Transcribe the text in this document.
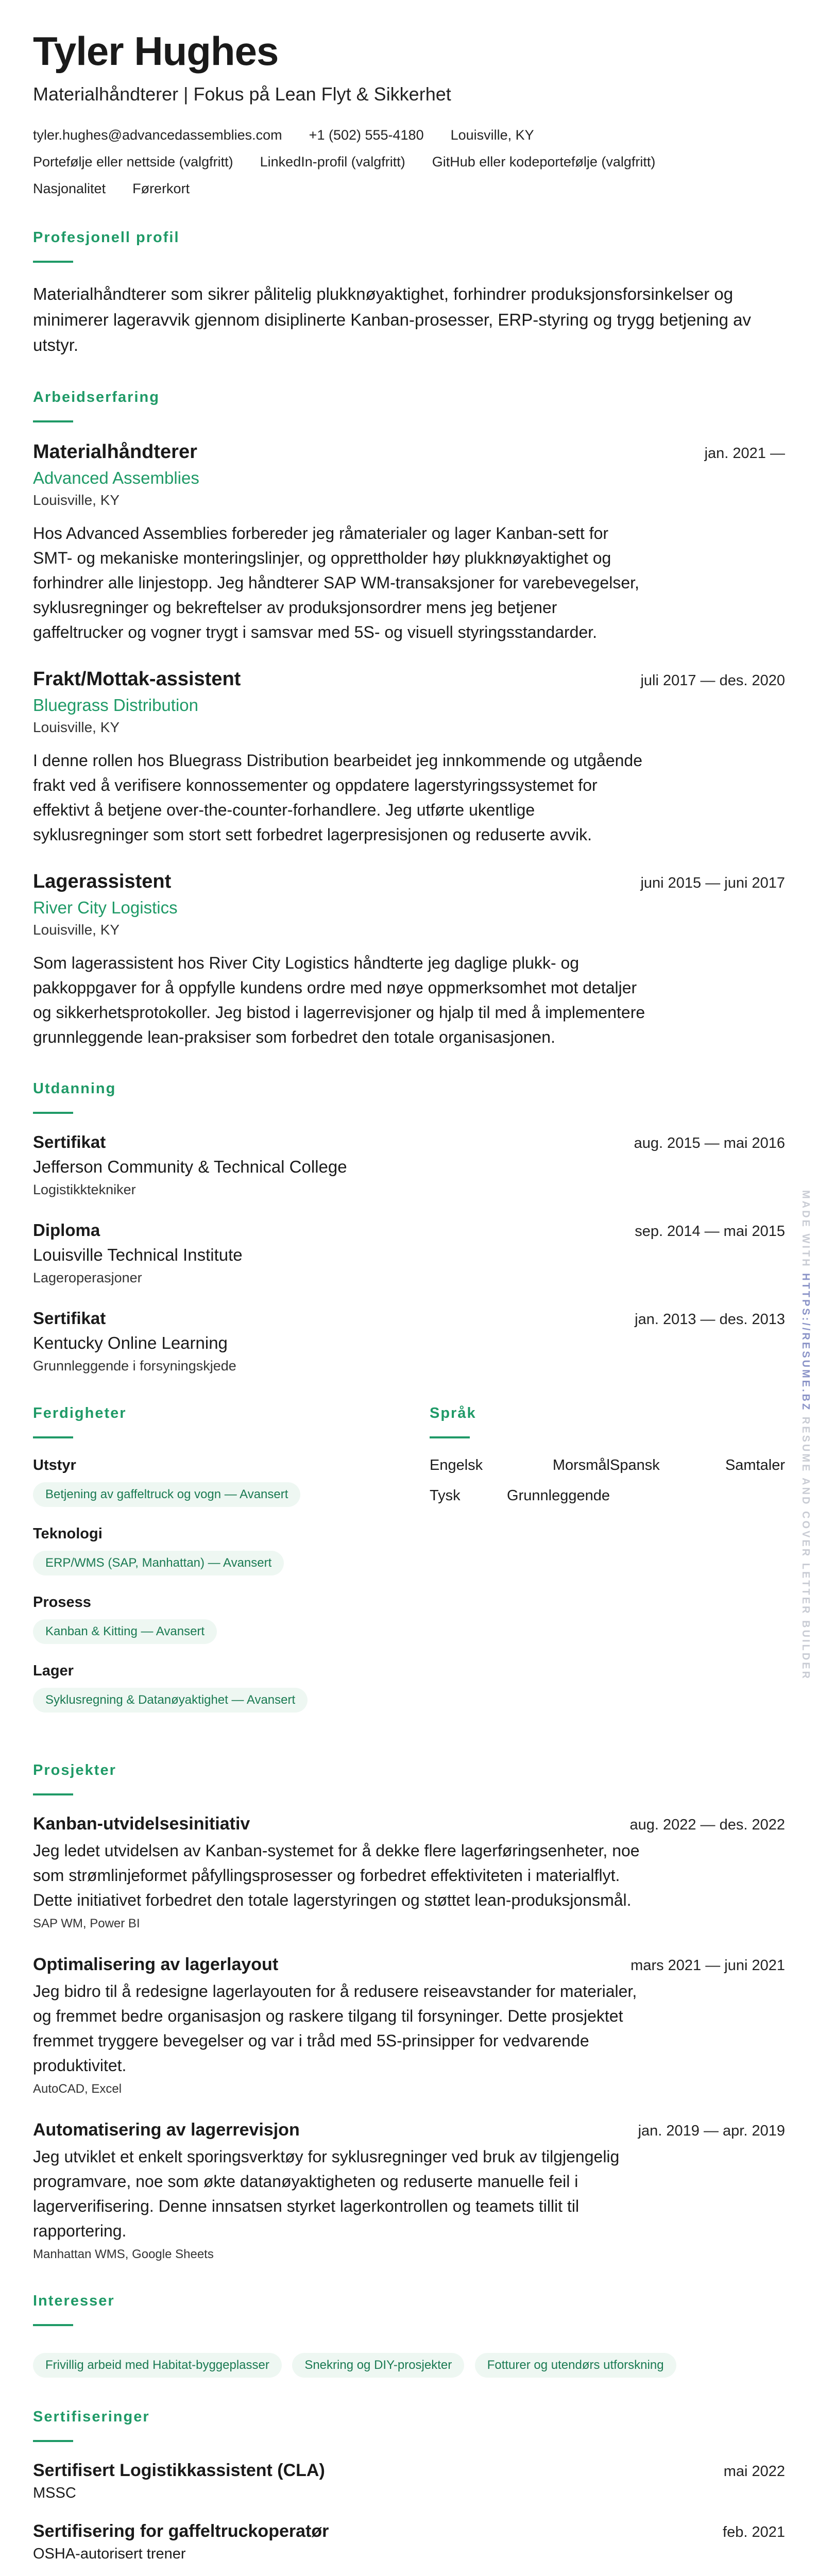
Tyler Hughes
Materialhåndterer | Fokus på Lean Flyt & Sikkerhet
tyler.hughes@advancedassemblies.com +1 (502) 555-4180 Louisville, KY
Portefølje eller nettside (valgfritt) LinkedIn-profil (valgfritt) GitHub eller kodeportefølje (valgfritt)
Nasjonalitet Førerkort
Profesjonell profil
Materialhåndterer som sikrer pålitelig plukknøyaktighet, forhindrer produksjonsforsinkelser og minimerer lageravvik gjennom disiplinerte Kanban-prosesser, ERP-styring og trygg betjening av utstyr.
Arbeidserfaring
Materialhåndterer	jan. 2021 —
Advanced Assemblies
Louisville, KY
Hos Advanced Assemblies forbereder jeg råmaterialer og lager Kanban-sett for SMT- og mekaniske monteringslinjer, og opprettholder høy plukknøyaktighet og forhindrer alle linjestopp. Jeg håndterer SAP WM-transaksjoner for varebevegelser, syklusregninger og bekreftelser av produksjonsordrer mens jeg betjener gaffeltrucker og vogner trygt i samsvar med 5S- og visuell styringsstandarder.
Frakt/Mottak-assistent	juli 2017 — des. 2020
Bluegrass Distribution
Louisville, KY
I denne rollen hos Bluegrass Distribution bearbeidet jeg innkommende og utgående frakt ved å verifisere konnossementer og oppdatere lagerstyringssystemet for effektivt å betjene over-the-counter-forhandlere. Jeg utførte ukentlige syklusregninger som stort sett forbedret lagerpresisjonen og reduserte avvik.
Lagerassistent	juni 2015 — juni 2017
River City Logistics
Louisville, KY
Som lagerassistent hos River City Logistics håndterte jeg daglige plukk- og pakkoppgaver for å oppfylle kundens ordre med nøye oppmerksomhet mot detaljer og sikkerhetsprotokoller. Jeg bistod i lagerrevisjoner og hjalp til med å implementere grunnleggende lean-praksiser som forbedret den totale organisasjonen.
Utdanning
Sertifikat	aug. 2015 — mai 2016
Jefferson Community & Technical College
Logistikktekniker
Diploma	sep. 2014 — mai 2015
Louisville Technical Institute
Lageroperasjoner
Sertifikat	jan. 2013 — des. 2013
Kentucky Online Learning
Grunnleggende i forsyningskjede
Ferdigheter
Utstyr
Betjening av gaffeltruck og vogn — Avansert
Teknologi
ERP/WMS (SAP, Manhattan) — Avansert
Prosess
Kanban & Kitting — Avansert
Lager
Syklusregning & Datanøyaktighet — Avansert
Språk
Engelsk	Morsmål Spansk	Samtaler
Tysk	Grunnleggende
Prosjekter
Kanban-utvidelsesinitiativ	aug. 2022 — des. 2022
Jeg ledet utvidelsen av Kanban-systemet for å dekke flere lagerføringsenheter, noe som strømlinjeformet påfyllingsprosesser og forbedret effektiviteten i materialflyt. Dette initiativet forbedret den totale lagerstyringen og støttet lean-produksjonsmål.
SAP WM, Power BI
Optimalisering av lagerlayout	mars 2021 — juni 2021
Jeg bidro til å redesigne lagerlayouten for å redusere reiseavstander for materialer, og fremmet bedre organisasjon og raskere tilgang til forsyninger. Dette prosjektet fremmet tryggere bevegelser og var i tråd med 5S-prinsipper for vedvarende produktivitet.
AutoCAD, Excel
Automatisering av lagerrevisjon	jan. 2019 — apr. 2019
Jeg utviklet et enkelt sporingsverktøy for syklusregninger ved bruk av tilgjengelig programvare, noe som økte datanøyaktigheten og reduserte manuelle feil i lagerverifisering. Denne innsatsen styrket lagerkontrollen og teamets tillit til rapportering.
Manhattan WMS, Google Sheets
Interesser
Frivillig arbeid med Habitat-byggeplasser	Snekring og DIY-prosjekter	Fotturer og utendørs utforskning
Sertifiseringer
Sertifisert Logistikkassistent (CLA)	mai 2022
MSSC
Sertifisering for gaffeltruckoperatør	feb. 2021
OSHA-autorisert trener
MADE WITH HTTPS://RESUME.BZ RESUME AND COVER LETTER BUILDER
